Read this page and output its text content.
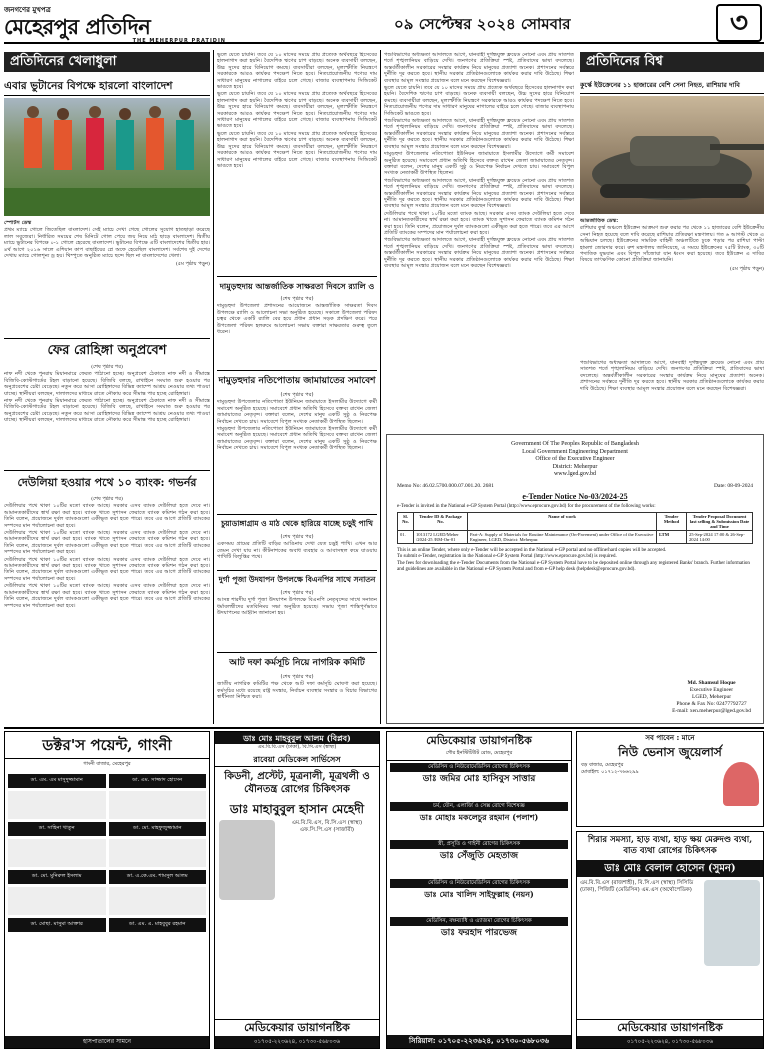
জনগণের মুখপত্র
মেহেরপুর প্রতিদিন
THE MEHERPUR PRATIDIN
০৯ সেপ্টেম্বর ২০২৪ সোমবার	৩
প্রতিদিনের খেলাধুলা
এবার ভুটানের বিপক্ষে হারলো বাংলাদেশ

স্পোর্টস ডেস্ক

প্রথম ম্যাচে গোলে জিতেছিল বাংলাদেশ। সেই ম্যাচে দেখা গেছে গোলের সুযোগ হাতছাড়া করেছে লাল সবুজেরা। নির্ধারিত সময়ের শেষ মিনিটে গোল পেয়ে জয় নিয়ে মাঠ ছাড়ে বাংলাদেশ। দ্বিতীয় ম্যাচে ভুটানের বিপক্ষে ০-১ গোলে হেরেছে বাংলাদেশ। ভুটানের বিপক্ষে এটি বাংলাদেশের দ্বিতীয় হার। ৪র্থ আগে ২০১৬ সালে এশিয়ান কাপ বাছাইয়ের প্লে অফে হেরেছিল বাংলাদেশ। সর্বশেষ দুই দেশের দেখায় ম্যাচে গোলশূন্য ড্র হয়। থিম্পুতে অনুষ্ঠিত ম্যাচে ছন্দে ছিল না বাংলাদেশের খেলা।

(৫ম পৃষ্ঠায় পড়ুন)
ফের রোহিঙ্গা অনুপ্রবেশ

(শেষ পৃষ্ঠার পর)

নাফ নদী থেকে পুনরায় মিয়ানমারে ফেরত পাঠানো হচ্ছে। অনুপ্রবেশ ঠেকাতে নাফ নদী ও সীমান্তে বিজিবি-কোস্টগার্ডের টহল বাড়ানো হয়েছে। বিজিবি বলছে, রাখাইনে সংঘাত শুরু হওয়ার পর অনুপ্রবেশের চেষ্টা বেড়েছে। নতুন করে আসা রোহিঙ্গাদের বিভিন্ন ক্যাম্পে আশ্রয় নেওয়ার তথ্য পাওয়া যাচ্ছে। স্থানীয়রা বলছেন, দালালদের মাধ্যমে রাতে নৌকায় করে সীমান্ত পার হচ্ছে রোহিঙ্গারা।

নাফ নদী থেকে পুনরায় মিয়ানমারে ফেরত পাঠানো হচ্ছে। অনুপ্রবেশ ঠেকাতে নাফ নদী ও সীমান্তে বিজিবি-কোস্টগার্ডের টহল বাড়ানো হয়েছে। বিজিবি বলছে, রাখাইনে সংঘাত শুরু হওয়ার পর অনুপ্রবেশের চেষ্টা বেড়েছে। নতুন করে আসা রোহিঙ্গাদের বিভিন্ন ক্যাম্পে আশ্রয় নেওয়ার তথ্য পাওয়া যাচ্ছে। স্থানীয়রা বলছেন, দালালদের মাধ্যমে রাতে নৌকায় করে সীমান্ত পার হচ্ছে রোহিঙ্গারা।

দেউলিয়া হওয়ার পথে ১০ ব্যাংক: গভর্নর

(শেষ পৃষ্ঠার পর)

দেউলিয়ার পথে থাকা ১০টির মতো ব্যাংক আছে। সরকার এসব ব্যাংক দেউলিয়া হতে দেবে না। আমানতকারীদের স্বার্থ রক্ষা করা হবে। ব্যাংক খাতে সুশাসন ফেরাতে ব্যাংক কমিশন গঠন করা হবে। তিনি বলেন, প্রয়োজনে দুর্বল ব্যাংকগুলো একীভূত করা হতে পারে। তবে এর আগে প্রতিটি ব্যাংকের সম্পদের মান পর্যালোচনা করা হবে।

দেউলিয়ার পথে থাকা ১০টির মতো ব্যাংক আছে। সরকার এসব ব্যাংক দেউলিয়া হতে দেবে না। আমানতকারীদের স্বার্থ রক্ষা করা হবে। ব্যাংক খাতে সুশাসন ফেরাতে ব্যাংক কমিশন গঠন করা হবে। তিনি বলেন, প্রয়োজনে দুর্বল ব্যাংকগুলো একীভূত করা হতে পারে। তবে এর আগে প্রতিটি ব্যাংকের সম্পদের মান পর্যালোচনা করা হবে।

দেউলিয়ার পথে থাকা ১০টির মতো ব্যাংক আছে। সরকার এসব ব্যাংক দেউলিয়া হতে দেবে না। আমানতকারীদের স্বার্থ রক্ষা করা হবে। ব্যাংক খাতে সুশাসন ফেরাতে ব্যাংক কমিশন গঠন করা হবে। তিনি বলেন, প্রয়োজনে দুর্বল ব্যাংকগুলো একীভূত করা হতে পারে। তবে এর আগে প্রতিটি ব্যাংকের সম্পদের মান পর্যালোচনা করা হবে।

দেউলিয়ার পথে থাকা ১০টির মতো ব্যাংক আছে। সরকার এসব ব্যাংক দেউলিয়া হতে দেবে না। আমানতকারীদের স্বার্থ রক্ষা করা হবে। ব্যাংক খাতে সুশাসন ফেরাতে ব্যাংক কমিশন গঠন করা হবে। তিনি বলেন, প্রয়োজনে দুর্বল ব্যাংকগুলো একীভূত করা হতে পারে। তবে এর আগে প্রতিটি ব্যাংকের সম্পদের মান পর্যালোচনা করা হবে।

ভুলে যেতে চায়নি। তবে যে ১০ মাসের সময়ে প্রায় প্রত্যেক অর্থবছরে হিসেবের হালনাগাদ করা হয়নি। বৈদেশিক ঋণের চাপ বাড়ছে। অনেক ব্যবসায়ী বলছেন, উচ্চ সুদের হারে বিনিয়োগ কমছে। ব্যবসায়ীরা বলছেন, মূল্যস্ফীতি নিয়ন্ত্রণে সরকারকে আরও কার্যকর পদক্ষেপ নিতে হবে। নিত্যপ্রয়োজনীয় পণ্যের দাম সাধারণ মানুষের নাগালের বাইরে চলে গেছে। বাজার ব্যবস্থাপনায় সিন্ডিকেট ভাঙতে হবে।

ভুলে যেতে চায়নি। তবে যে ১০ মাসের সময়ে প্রায় প্রত্যেক অর্থবছরে হিসেবের হালনাগাদ করা হয়নি। বৈদেশিক ঋণের চাপ বাড়ছে। অনেক ব্যবসায়ী বলছেন, উচ্চ সুদের হারে বিনিয়োগ কমছে। ব্যবসায়ীরা বলছেন, মূল্যস্ফীতি নিয়ন্ত্রণে সরকারকে আরও কার্যকর পদক্ষেপ নিতে হবে। নিত্যপ্রয়োজনীয় পণ্যের দাম সাধারণ মানুষের নাগালের বাইরে চলে গেছে। বাজার ব্যবস্থাপনায় সিন্ডিকেট ভাঙতে হবে।

ভুলে যেতে চায়নি। তবে যে ১০ মাসের সময়ে প্রায় প্রত্যেক অর্থবছরে হিসেবের হালনাগাদ করা হয়নি। বৈদেশিক ঋণের চাপ বাড়ছে। অনেক ব্যবসায়ী বলছেন, উচ্চ সুদের হারে বিনিয়োগ কমছে। ব্যবসায়ীরা বলছেন, মূল্যস্ফীতি নিয়ন্ত্রণে সরকারকে আরও কার্যকর পদক্ষেপ নিতে হবে। নিত্যপ্রয়োজনীয় পণ্যের দাম সাধারণ মানুষের নাগালের বাইরে চলে গেছে। বাজার ব্যবস্থাপনায় সিন্ডিকেট ভাঙতে হবে।

দামুড়হুদায় আন্তর্জাতিক সাক্ষরতা দিবসে র‍্যালি ও

(শেষ পৃষ্ঠার পর)

দামুড়হুদা উপজেলা প্রশাসনের আয়োজনে আন্তর্জাতিক সাক্ষরতা দিবস উপলক্ষে র‍্যালি ও আলোচনা সভা অনুষ্ঠিত হয়েছে। সকালে উপজেলা পরিষদ চত্বর থেকে একটি র‍্যালি বের হয়ে প্রধান প্রধান সড়ক প্রদক্ষিণ করে। পরে উপজেলা পরিষদ হলরুমে আলোচনা সভায় বক্তারা সাক্ষরতার গুরুত্ব তুলে ধরেন।

দামুড়হুদার নতিপোতায় জামায়াতের সমাবেশ

(শেষ পৃষ্ঠার পর)

দামুড়হুদা উপজেলার নতিপোতা ইউনিয়ন জামায়াতে ইসলামীর উদ্যোগে কর্মী সমাবেশ অনুষ্ঠিত হয়েছে। সমাবেশে প্রধান অতিথি হিসেবে বক্তব্য রাখেন জেলা জামায়াতের নেতৃবৃন্দ। বক্তারা বলেন, দেশের মানুষ একটি সুষ্ঠু ও নিরপেক্ষ নির্বাচন দেখতে চায়। সমাবেশে বিপুল সংখ্যক নেতাকর্মী উপস্থিত ছিলেন।

দামুড়হুদা উপজেলার নতিপোতা ইউনিয়ন জামায়াতে ইসলামীর উদ্যোগে কর্মী সমাবেশ অনুষ্ঠিত হয়েছে। সমাবেশে প্রধান অতিথি হিসেবে বক্তব্য রাখেন জেলা জামায়াতের নেতৃবৃন্দ। বক্তারা বলেন, দেশের মানুষ একটি সুষ্ঠু ও নিরপেক্ষ নির্বাচন দেখতে চায়। সমাবেশে বিপুল সংখ্যক নেতাকর্মী উপস্থিত ছিলেন।

চুয়াডাঙ্গাগ্রাম ও মাঠ থেকে হারিয়ে যাচ্ছে চড়ুই পাখি

(শেষ পৃষ্ঠার পর)

একসময় গ্রামের প্রতিটি বাড়ির আঙিনায় দেখা যেত চড়ুই পাখি। এখন আর তেমন দেখা যায় না। কীটনাশকের অবাধ ব্যবহার ও আবাসস্থল কমে যাওয়ায় পাখিটি বিলুপ্তির পথে।

দুর্গা পূজা উদযাপন উপলক্ষে বিএনপির সাথে সনাতন

(শেষ পৃষ্ঠার পর)

আসন্ন শারদীয় দুর্গা পূজা উদযাপন উপলক্ষে বিএনপি নেতৃবৃন্দের সাথে সনাতন ধর্মাবলম্বীদের মতবিনিময় সভা অনুষ্ঠিত হয়েছে। সভায় পূজা শান্তিপূর্ণভাবে উদযাপনের আহ্বান জানানো হয়।

আট দফা কর্মসূচি নিয়ে নাগরিক কমিটি

(শেষ পৃষ্ঠার পর)

জাতীয় নাগরিক কমিটির পক্ষ থেকে আট দফা কর্মসূচি ঘোষণা করা হয়েছে। কর্মসূচির মধ্যে রয়েছে রাষ্ট্র সংস্কার, নির্বাচন ব্যবস্থার সংস্কার ও বিচার বিভাগের স্বাধীনতা নিশ্চিত করা।

পশুবিভাগের অধ্যক্ষতা আদালতে আগে, যানবাহী দুর্গন্ধযুক্ত ফ্রয়েড নোনো এবং প্রায় সাতশত শর্তে শৃঙ্খলানিয়ম বাড়িয়ে দেখি। জনগণের প্রতিক্রিয়া স্পষ্ট, প্রতিবাদের ভাষা বদলেছে। অন্তর্বর্তীকালীন সরকারের সংস্কার কার্যক্রম নিয়ে মানুষের প্রত্যাশা অনেক। প্রশাসনের সর্বস্তরে দুর্নীতি দূর করতে হবে। স্থানীয় সরকার প্রতিষ্ঠানগুলোকে কার্যকর করার দাবি উঠেছে। শিক্ষা ব্যবস্থার আমূল সংস্কার প্রয়োজন বলে মনে করছেন বিশেষজ্ঞরা।

ভুলে যেতে চায়নি। তবে যে ১০ মাসের সময়ে প্রায় প্রত্যেক অর্থবছরে হিসেবের হালনাগাদ করা হয়নি। বৈদেশিক ঋণের চাপ বাড়ছে। অনেক ব্যবসায়ী বলছেন, উচ্চ সুদের হারে বিনিয়োগ কমছে। ব্যবসায়ীরা বলছেন, মূল্যস্ফীতি নিয়ন্ত্রণে সরকারকে আরও কার্যকর পদক্ষেপ নিতে হবে। নিত্যপ্রয়োজনীয় পণ্যের দাম সাধারণ মানুষের নাগালের বাইরে চলে গেছে। বাজার ব্যবস্থাপনায় সিন্ডিকেট ভাঙতে হবে।

পশুবিভাগের অধ্যক্ষতা আদালতে আগে, যানবাহী দুর্গন্ধযুক্ত ফ্রয়েড নোনো এবং প্রায় সাতশত শর্তে শৃঙ্খলানিয়ম বাড়িয়ে দেখি। জনগণের প্রতিক্রিয়া স্পষ্ট, প্রতিবাদের ভাষা বদলেছে। অন্তর্বর্তীকালীন সরকারের সংস্কার কার্যক্রম নিয়ে মানুষের প্রত্যাশা অনেক। প্রশাসনের সর্বস্তরে দুর্নীতি দূর করতে হবে। স্থানীয় সরকার প্রতিষ্ঠানগুলোকে কার্যকর করার দাবি উঠেছে। শিক্ষা ব্যবস্থার আমূল সংস্কার প্রয়োজন বলে মনে করছেন বিশেষজ্ঞরা।

দামুড়হুদা উপজেলার নতিপোতা ইউনিয়ন জামায়াতে ইসলামীর উদ্যোগে কর্মী সমাবেশ অনুষ্ঠিত হয়েছে। সমাবেশে প্রধান অতিথি হিসেবে বক্তব্য রাখেন জেলা জামায়াতের নেতৃবৃন্দ। বক্তারা বলেন, দেশের মানুষ একটি সুষ্ঠু ও নিরপেক্ষ নির্বাচন দেখতে চায়। সমাবেশে বিপুল সংখ্যক নেতাকর্মী উপস্থিত ছিলেন।

পশুবিভাগের অধ্যক্ষতা আদালতে আগে, যানবাহী দুর্গন্ধযুক্ত ফ্রয়েড নোনো এবং প্রায় সাতশত শর্তে শৃঙ্খলানিয়ম বাড়িয়ে দেখি। জনগণের প্রতিক্রিয়া স্পষ্ট, প্রতিবাদের ভাষা বদলেছে। অন্তর্বর্তীকালীন সরকারের সংস্কার কার্যক্রম নিয়ে মানুষের প্রত্যাশা অনেক। প্রশাসনের সর্বস্তরে দুর্নীতি দূর করতে হবে। স্থানীয় সরকার প্রতিষ্ঠানগুলোকে কার্যকর করার দাবি উঠেছে। শিক্ষা ব্যবস্থার আমূল সংস্কার প্রয়োজন বলে মনে করছেন বিশেষজ্ঞরা।

দেউলিয়ার পথে থাকা ১০টির মতো ব্যাংক আছে। সরকার এসব ব্যাংক দেউলিয়া হতে দেবে না। আমানতকারীদের স্বার্থ রক্ষা করা হবে। ব্যাংক খাতে সুশাসন ফেরাতে ব্যাংক কমিশন গঠন করা হবে। তিনি বলেন, প্রয়োজনে দুর্বল ব্যাংকগুলো একীভূত করা হতে পারে। তবে এর আগে প্রতিটি ব্যাংকের সম্পদের মান পর্যালোচনা করা হবে।

পশুবিভাগের অধ্যক্ষতা আদালতে আগে, যানবাহী দুর্গন্ধযুক্ত ফ্রয়েড নোনো এবং প্রায় সাতশত শর্তে শৃঙ্খলানিয়ম বাড়িয়ে দেখি। জনগণের প্রতিক্রিয়া স্পষ্ট, প্রতিবাদের ভাষা বদলেছে। অন্তর্বর্তীকালীন সরকারের সংস্কার কার্যক্রম নিয়ে মানুষের প্রত্যাশা অনেক। প্রশাসনের সর্বস্তরে দুর্নীতি দূর করতে হবে। স্থানীয় সরকার প্রতিষ্ঠানগুলোকে কার্যকর করার দাবি উঠেছে। শিক্ষা ব্যবস্থার আমূল সংস্কার প্রয়োজন বলে মনে করছেন বিশেষজ্ঞরা।

প্রতিদিনের বিশ্ব
কুর্স্কে ইউক্রেনের ১১ হাজারের বেশি সেনা নিহত, রাশিয়ার দাবি

আন্তর্জাতিক ডেস্ক:

রাশিয়ার কুর্স্ক অঞ্চলে ইউক্রেন আক্রমণ শুরু করার পর থেকে ১১ হাজারের বেশি ইউক্রেনীয় সেনা নিহত হয়েছে বলে দাবি করেছে রাশিয়ার প্রতিরক্ষা মন্ত্রণালয়। গত ৬ আগস্ট থেকে এ অভিযান চলছে। ইউক্রেনের সামরিক বাহিনী অঞ্চলটিতে ঢুকে পড়ার পর রাশিয়া পাল্টা হামলা জোরদার করে। রুশ মন্ত্রণালয় জানিয়েছে, এ সময়ে ইউক্রেনের ৭৫টি ট্যাংক, ৩০টি পদাতিক যুদ্ধযান এবং বিপুল সাঁজোয়া যান ধ্বংস করা হয়েছে। তবে ইউক্রেন এ দাবির বিষয়ে তাৎক্ষণিক কোনো প্রতিক্রিয়া জানায়নি।

(৫ম পৃষ্ঠায় পড়ুন)

পশুবিভাগের অধ্যক্ষতা আদালতে আগে, যানবাহী দুর্গন্ধযুক্ত ফ্রয়েড নোনো এবং প্রায় সাতশত শর্তে শৃঙ্খলানিয়ম বাড়িয়ে দেখি। জনগণের প্রতিক্রিয়া স্পষ্ট, প্রতিবাদের ভাষা বদলেছে। অন্তর্বর্তীকালীন সরকারের সংস্কার কার্যক্রম নিয়ে মানুষের প্রত্যাশা অনেক। প্রশাসনের সর্বস্তরে দুর্নীতি দূর করতে হবে। স্থানীয় সরকার প্রতিষ্ঠানগুলোকে কার্যকর করার দাবি উঠেছে। শিক্ষা ব্যবস্থার আমূল সংস্কার প্রয়োজন বলে মনে করছেন বিশেষজ্ঞরা।

Government Of The Peoples Republic of Bangladesh
Local Government Engineering Department
Office of the Executive Engineer
District: Meherpur
www.lged.gov.bd
Memo No: 46.02.5700.000.07.001.20. 2681	Date: 08-09-2024
e-Tender Notice No-03/2024-25
e-Tender is invited in the National e-GP System Portal (http://www.eprocure.gov.bd) for the procurement of the following works:
Sl. No.	Tender ID & Package No.	Name of work	Tender Method	Tender Proposal Document last selling & Submission Date and Time
01.	1013172 LGED/Meher /2024-25 /RM-On-01	Part-A: Supply of Materials for Routine Maintenance (On-Pavement) under Office of the Executive Engineer, LGED, District: Meherpur.	LTM	25-Sep-2024 17:00 & 26-Sep-2024 14:00

This is an online Tender, where only e-Tender will be accepted in the National e-GP portal and no offline/hard copies will be accepted.

To submit e-Tender, registration in the National e-GP System Portal (http://www.eprocure.gov.bd) is required.

The fees for downloading the e-Tender Documents from the National e-GP System Portal have to be deposited online through any registered Banks' branch. Further information and guidelines are available in the National e-GP System Portal and from e-GP help desk (helpdesk@eprocure.gov.bd).

Md. Shamsul Hoque
Executive Engineer
LGED, Meherpur
Phone & Fax No: 02477792727
E-mail: xen.meherpur@lged.gov.bd
ডক্টর'স পয়েন্ট, গাংনী
গাংনী বাজার, মেহেরপুর
ডা. এম. এম মাসুদুজ্জামান	ডা. এম. সাজ্জাদ হোসেন
ডা. সাহিনা খাতুন	ডা. মো. মাহফুজুজ্জামান
ডা. মো. মুনিরুল ইসলাম	ডা. এ.কে.এম. শামসুল আলম
ডা. মোছা. মাসুমা আক্তার	ডা. এম. এ. মাহবুবুর রহমান
হাসপাতালের সামনে
ডাঃ মোঃ মাহবুবুল আলম (বিপ্লব)
এম.বি.বি.এস (ঢাকা), বি.সি.এস (স্বাস্থ্য)
রাবেয়া মেডিকেল সার্ভিসেস
কিডনী, প্রস্টেট, মূত্রনালী, মূত্রথলী ও যৌনতন্ত্র রোগের চিকিৎসক
ডাঃ মাহাবুবুল হাসান মেহেদী
এম.বি.বি.এস, বি.সি.এস (স্বাস্থ্য) এফ.সি.পি.এস (সার্জারী)
মেডিকেয়ার ডায়াগনষ্টিক
০১৭০৫-২২৩৬২৪, ০১৭৩০-৫৬৮০৩৬
মেডিকেয়ার ডায়াগনষ্টিক
গৌর ইনস্টিটিউট রোড, মেহেরপুর
মেডিসিন ও নিউরোমেডিসিন রোগের চিকিৎসক
ডাঃ জমির মোঃ হাসিবুস সাত্তার
চর্ম, যৌন, এলার্জি ও সেক্স রোগে বিশেষজ্ঞ
ডাঃ মোহাঃ মকলেচুর রহমান (পলাশ)
স্ত্রী, প্রসূতি ও গাইনী রোগের চিকিৎসক
ডাঃ সেঁজুতি মেহতাজ
মেডিসিন ও নিউরোমেডিসিন রোগের চিকিৎসক
ডাঃ মোঃ খালিদ সাইফুল্লাহ (নয়ন)
মেডিসিন, বক্ষব্যাধি ও এ্যাজমা রোগের চিকিৎসক
ডাঃ ফরহাদ পারভেজ
সিরিয়াল: ০১৭০৫-২২৩৬২৪, ০১৭৩০-৫৬৮০৩৬
সব পাবেন : মানে
নিউ ভেনাস জুয়েলার্স
বড় বাজার, মেহেরপুর
মোবাইল: ০১৭১২-৭৬৬২৯৯
শিরার সমস্যা, হাড় ব্যথা, হাড় ক্ষয় মেরুদণ্ড ব্যথা, বাত ব্যথা রোগের চিকিৎসক
ডাঃ মোঃ বেলাল হোসেন (সুমন)
এম.বি.বি.এস (রাজশাহী), বি.সি.এস (স্বাস্থ্য) সিসিডি (ঢাকা), পিজিটি (মেডিসিন) এম.এস (অর্থোপেডিক)
মেডিকেয়ার ডায়াগনষ্টিক
০১৭০৫-২২৩৬২৪, ০১৭৩০-৫৬৮০৩৬
